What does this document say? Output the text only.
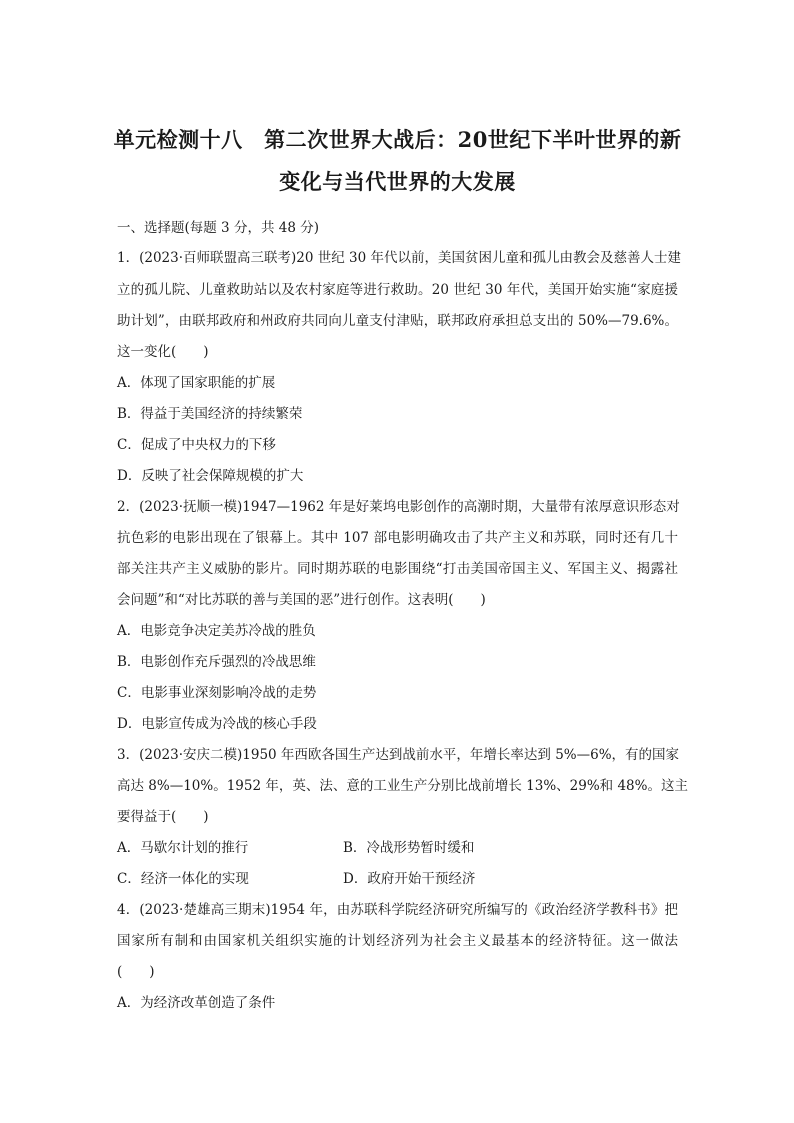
单元检测十八　第二次世界大战后：20世纪下半叶世界的新
变化与当代世界的大发展
一、选择题(每题 3 分，共 48 分)
1．(2023·百师联盟高三联考)20 世纪 30 年代以前，美国贫困儿童和孤儿由教会及慈善人士建
立的孤儿院、儿童救助站以及农村家庭等进行救助。20 世纪 30 年代，美国开始实施“家庭援
助计划”，由联邦政府和州政府共同向儿童支付津贴，联邦政府承担总支出的 50%—79.6%。
这一变化(　　)
A．体现了国家职能的扩展
B．得益于美国经济的持续繁荣
C．促成了中央权力的下移
D．反映了社会保障规模的扩大
2．(2023·抚顺一模)1947—1962 年是好莱坞电影创作的高潮时期，大量带有浓厚意识形态对
抗色彩的电影出现在了银幕上。其中 107 部电影明确攻击了共产主义和苏联，同时还有几十
部关注共产主义威胁的影片。同时期苏联的电影围绕“打击美国帝国主义、军国主义、揭露社
会问题”和“对比苏联的善与美国的恶”进行创作。这表明(　　)
A．电影竞争决定美苏冷战的胜负
B．电影创作充斥强烈的冷战思维
C．电影事业深刻影响冷战的走势
D．电影宣传成为冷战的核心手段
3．(2023·安庆二模)1950 年西欧各国生产达到战前水平，年增长率达到 5%—6%，有的国家
高达 8%—10%。1952 年，英、法、意的工业生产分别比战前增长 13%、29%和 48%。这主
要得益于(　　)
A．马歇尔计划的推行	B．冷战形势暂时缓和
C．经济一体化的实现	D．政府开始干预经济
4．(2023·楚雄高三期末)1954 年，由苏联科学院经济研究所编写的《政治经济学教科书》把
国家所有制和由国家机关组织实施的计划经济列为社会主义最基本的经济特征。这一做法
(　　)
A．为经济改革创造了条件
